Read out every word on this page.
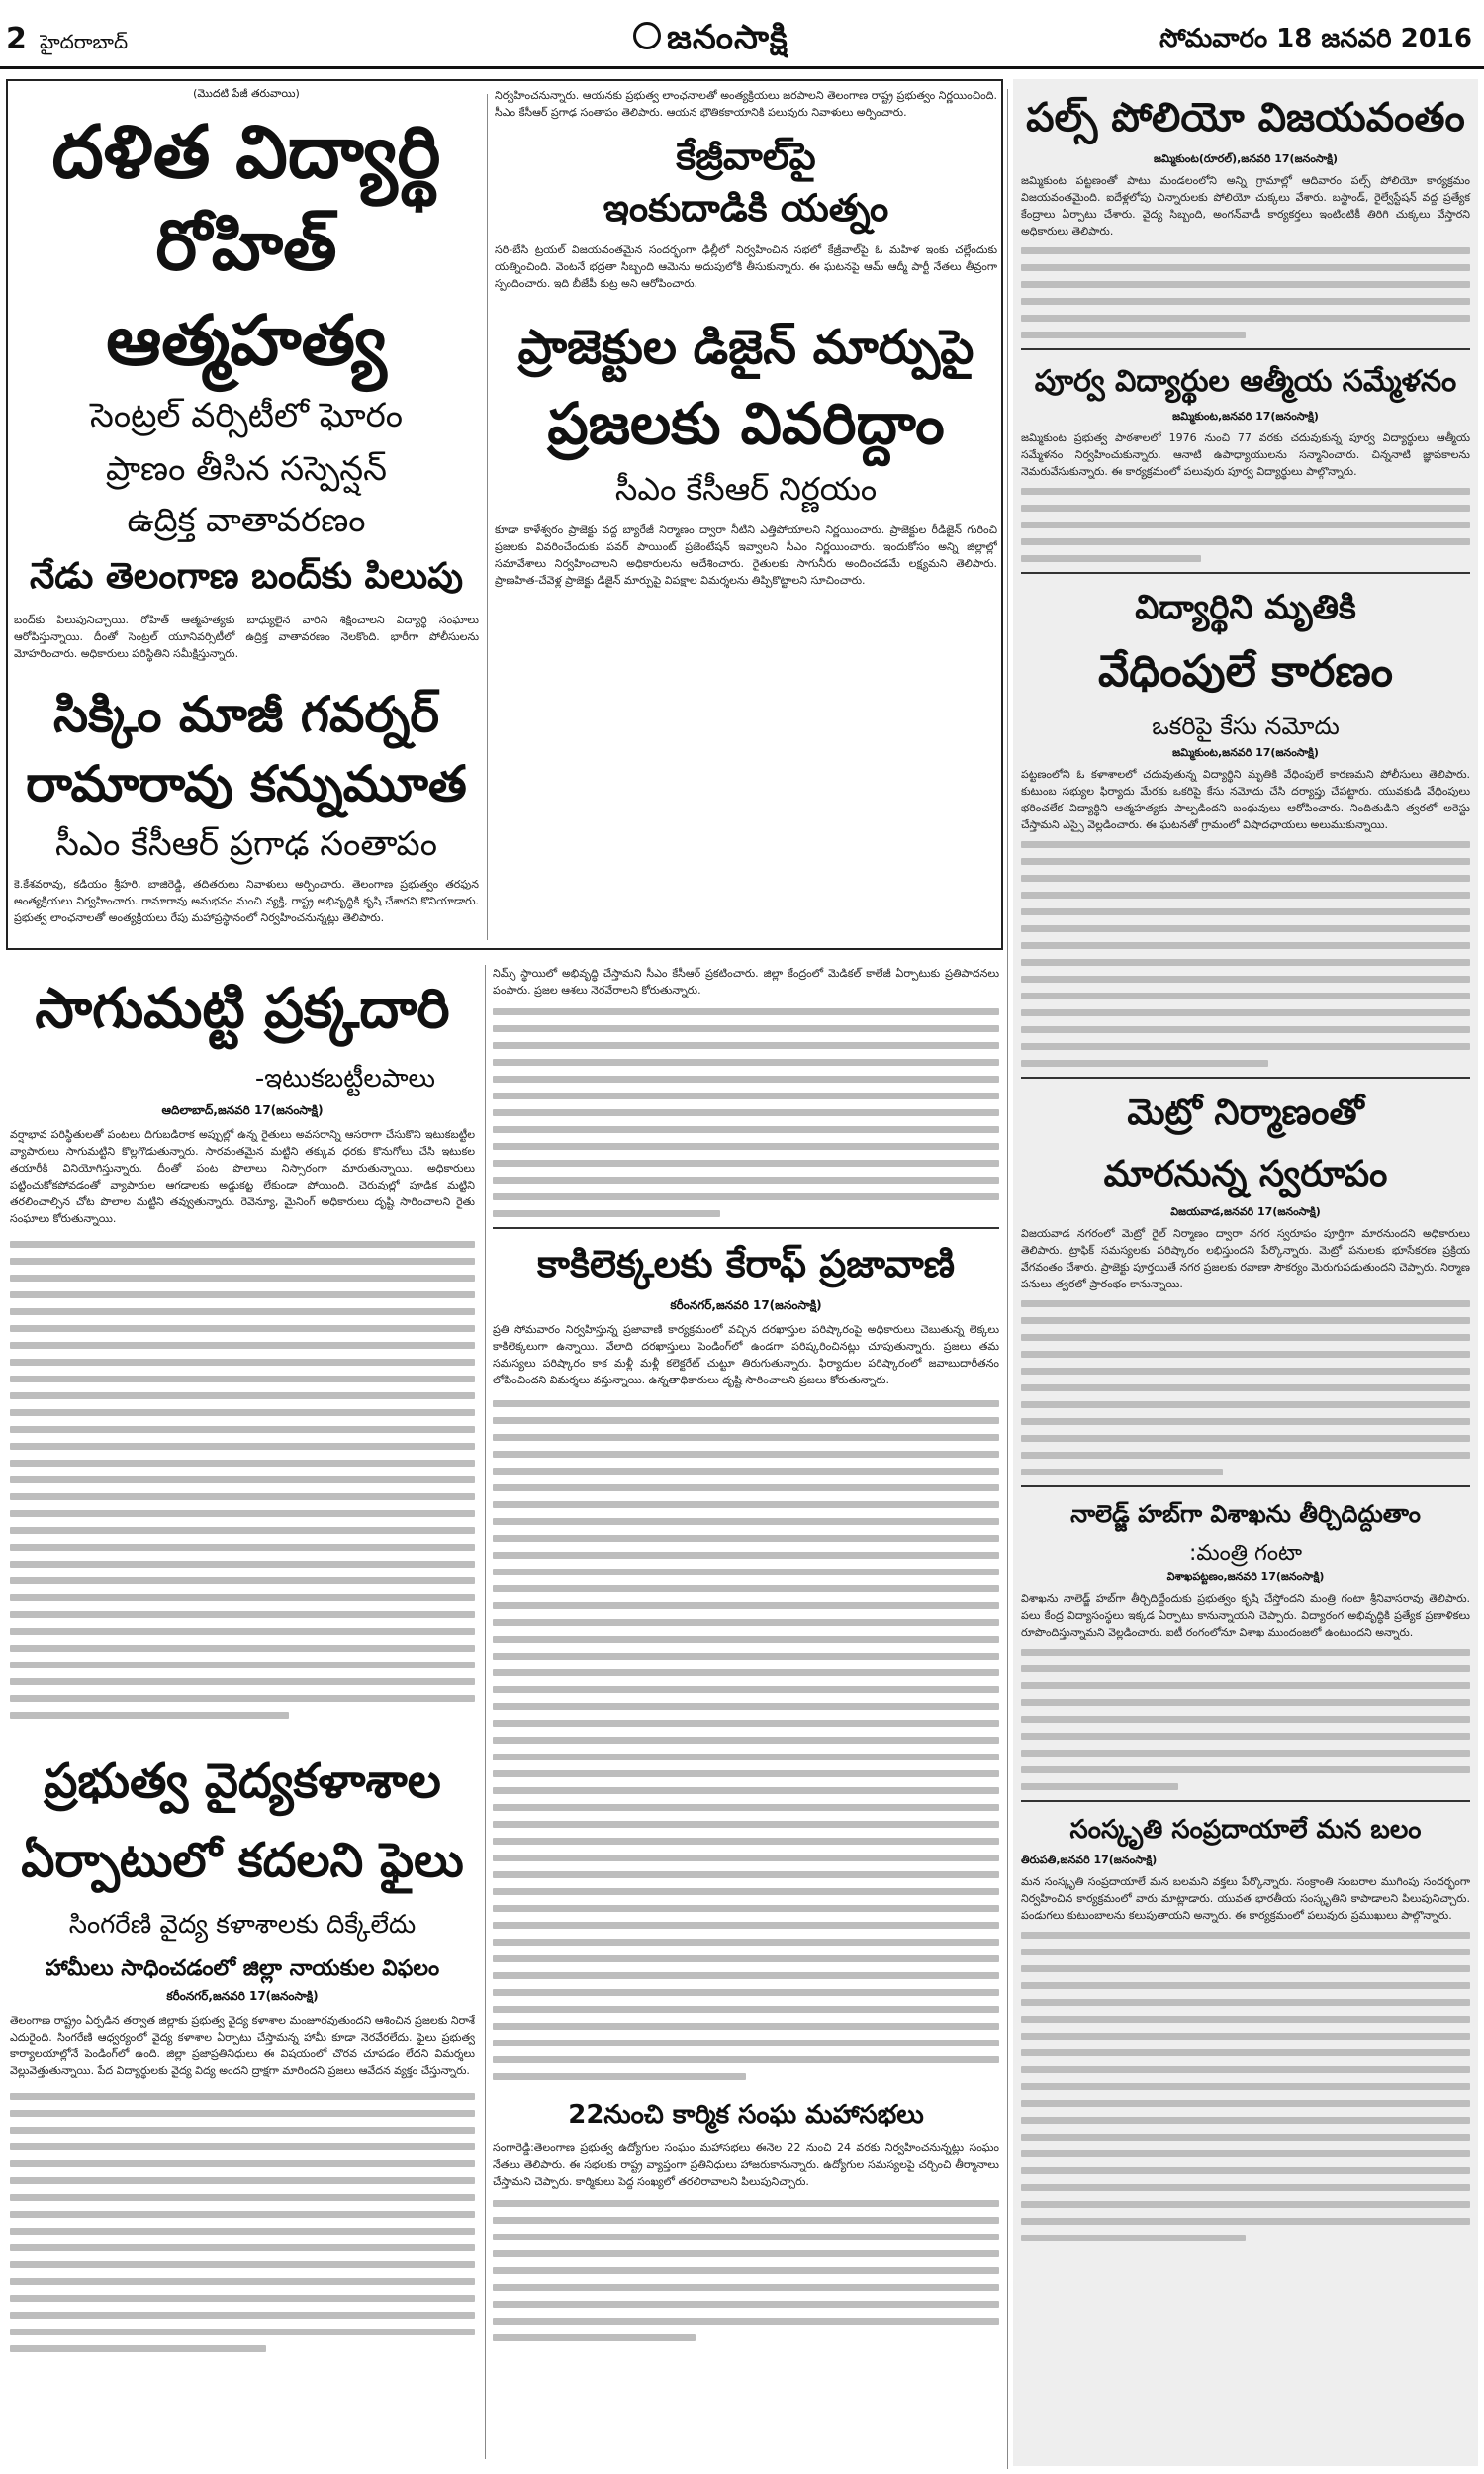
2 హైదరాబాద్	జనంసాక్షి	సోమవారం 18 జనవరి 2016
(మొదటి పేజీ తరువాయి)
దళిత విద్యార్థి
రోహిత్ ఆత్మహత్య
సెంట్రల్ వర్సిటీలో ఘోరం
ప్రాణం తీసిన సస్పెన్షన్
ఉద్రిక్త వాతావరణం
నేడు తెలంగాణ బంద్‌కు పిలుపు
బంద్‌కు పిలుపునిచ్చాయి. రోహిత్ ఆత్మహత్యకు బాధ్యులైన వారిని శిక్షించాలని విద్యార్థి సంఘాలు ఆరోపిస్తున్నాయి. దీంతో సెంట్రల్ యూనివర్సిటీలో ఉద్రిక్త వాతావరణం నెలకొంది. భారీగా పోలీసులను మోహరించారు. అధికారులు పరిస్థితిని సమీక్షిస్తున్నారు.
సిక్కిం మాజీ గవర్నర్
రామారావు కన్నుమూత
సీఎం కేసీఆర్ ప్రగాఢ సంతాపం
కె.కేశవరావు, కడియం శ్రీహరి, బాజిరెడ్డి, తదితరులు నివాళులు అర్పించారు. తెలంగాణ ప్రభుత్వం తరఫున అంత్యక్రియలు నిర్వహించారు. రామారావు అనుభవం మంచి వ్యక్తి, రాష్ట్ర అభివృద్ధికి కృషి చేశారని కొనియాడారు. ప్రభుత్వ లాంఛనాలతో అంత్యక్రియలు రేపు మహాప్రస్థానంలో నిర్వహించనున్నట్లు తెలిపారు.
నిర్వహించనున్నారు. ఆయనకు ప్రభుత్వ లాంఛనాలతో అంత్యక్రియలు జరపాలని తెలంగాణ రాష్ట్ర ప్రభుత్వం నిర్ణయించింది. సీఎం కేసీఆర్ ప్రగాఢ సంతాపం తెలిపారు. ఆయన భౌతికకాయానికి పలువురు నివాళులు అర్పించారు.
కేజ్రీవాల్‌పై
ఇంకుదాడికి యత్నం
సరి-బేసి ట్రయల్ విజయవంతమైన సందర్భంగా ఢిల్లీలో నిర్వహించిన సభలో కేజ్రీవాల్‌పై ఓ మహిళ ఇంకు చల్లేందుకు యత్నించింది. వెంటనే భద్రతా సిబ్బంది ఆమెను అదుపులోకి తీసుకున్నారు. ఈ ఘటనపై ఆమ్ ఆద్మీ పార్టీ నేతలు తీవ్రంగా స్పందించారు. ఇది బీజేపీ కుట్ర అని ఆరోపించారు.
ప్రాజెక్టుల డిజైన్ మార్పుపై
ప్రజలకు వివరిద్దాం
సీఎం కేసీఆర్ నిర్ణయం
కూడా కాళేశ్వరం ప్రాజెక్టు వద్ద బ్యారేజీ నిర్మాణం ద్వారా నీటిని ఎత్తిపోయాలని నిర్ణయించారు. ప్రాజెక్టుల రీడిజైన్ గురించి ప్రజలకు వివరించేందుకు పవర్ పాయింట్ ప్రజెంటేషన్ ఇవ్వాలని సీఎం నిర్ణయించారు. ఇందుకోసం అన్ని జిల్లాల్లో సమావేశాలు నిర్వహించాలని అధికారులను ఆదేశించారు. రైతులకు సాగునీరు అందించడమే లక్ష్యమని తెలిపారు. ప్రాణహిత-చేవెళ్ల ప్రాజెక్టు డిజైన్ మార్పుపై విపక్షాల విమర్శలను తిప్పికొట్టాలని సూచించారు.
సాగుమట్టి ప్రక్కదారి
-ఇటుకబట్టీలపాలు
ఆదిలాబాద్,జనవరి 17(జనంసాక్షి)
వర్షాభావ పరిస్థితులతో పంటలు దిగుబడిరాక అప్పుల్లో ఉన్న రైతులు అవసరాన్ని ఆసరాగా చేసుకొని ఇటుకబట్టీల వ్యాపారులు సాగుమట్టిని కొల్లగొడుతున్నారు. సారవంతమైన మట్టిని తక్కువ ధరకు కొనుగోలు చేసి ఇటుకల తయారీకి వినియోగిస్తున్నారు. దీంతో పంట పొలాలు నిస్సారంగా మారుతున్నాయి. అధికారులు పట్టించుకోకపోవడంతో వ్యాపారుల ఆగడాలకు అడ్డుకట్ట లేకుండా పోయింది. చెరువుల్లో పూడిక మట్టిని తరలించాల్సిన చోట పొలాల మట్టిని తవ్వుతున్నారు. రెవెన్యూ, మైనింగ్ అధికారులు దృష్టి సారించాలని రైతు సంఘాలు కోరుతున్నాయి.
ప్రభుత్వ వైద్యకళాశాల
ఏర్పాటులో కదలని ఫైలు
సింగరేణి వైద్య కళాశాలకు దిక్కేలేదు
హామీలు సాధించడంలో జిల్లా నాయకుల విఫలం
కరీంనగర్,జనవరి 17(జనంసాక్షి)
తెలంగాణ రాష్ట్రం ఏర్పడిన తర్వాత జిల్లాకు ప్రభుత్వ వైద్య కళాశాల మంజూరవుతుందని ఆశించిన ప్రజలకు నిరాశే ఎదురైంది. సింగరేణి ఆధ్వర్యంలో వైద్య కళాశాల ఏర్పాటు చేస్తామన్న హామీ కూడా నెరవేరలేదు. ఫైలు ప్రభుత్వ కార్యాలయాల్లోనే పెండింగ్‌లో ఉంది. జిల్లా ప్రజాప్రతినిధులు ఈ విషయంలో చొరవ చూపడం లేదని విమర్శలు వెల్లువెత్తుతున్నాయి. పేద విద్యార్థులకు వైద్య విద్య అందని ద్రాక్షగా మారిందని ప్రజలు ఆవేదన వ్యక్తం చేస్తున్నారు.
నిమ్స్ స్థాయిలో అభివృద్ధి చేస్తామని సీఎం కేసీఆర్ ప్రకటించారు. జిల్లా కేంద్రంలో మెడికల్ కాలేజీ ఏర్పాటుకు ప్రతిపాదనలు పంపారు. ప్రజల ఆశలు నెరవేరాలని కోరుతున్నారు.
కాకిలెక్కలకు కేరాఫ్ ప్రజావాణి
కరీంనగర్,జనవరి 17(జనంసాక్షి)
ప్రతి సోమవారం నిర్వహిస్తున్న ప్రజావాణి కార్యక్రమంలో వచ్చిన దరఖాస్తుల పరిష్కారంపై అధికారులు చెబుతున్న లెక్కలు కాకిలెక్కలుగా ఉన్నాయి. వేలాది దరఖాస్తులు పెండింగ్‌లో ఉండగా పరిష్కరించినట్లు చూపుతున్నారు. ప్రజలు తమ సమస్యలు పరిష్కారం కాక మళ్లీ మళ్లీ కలెక్టరేట్ చుట్టూ తిరుగుతున్నారు. ఫిర్యాదుల పరిష్కారంలో జవాబుదారీతనం లోపించిందని విమర్శలు వస్తున్నాయి. ఉన్నతాధికారులు దృష్టి సారించాలని ప్రజలు కోరుతున్నారు.
22నుంచి కార్మిక సంఘ మహాసభలు
సంగారెడ్డి:తెలంగాణ ప్రభుత్వ ఉద్యోగుల సంఘం మహాసభలు ఈనెల 22 నుంచి 24 వరకు నిర్వహించనున్నట్లు సంఘం నేతలు తెలిపారు. ఈ సభలకు రాష్ట్ర వ్యాప్తంగా ప్రతినిధులు హాజరుకానున్నారు. ఉద్యోగుల సమస్యలపై చర్చించి తీర్మానాలు చేస్తామని చెప్పారు. కార్మికులు పెద్ద సంఖ్యలో తరలిరావాలని పిలుపునిచ్చారు.
పల్స్ పోలియో విజయవంతం
జమ్మికుంట(రూరల్),జనవరి 17(జనంసాక్షి)
జమ్మికుంట పట్టణంతో పాటు మండలంలోని అన్ని గ్రామాల్లో ఆదివారం పల్స్ పోలియో కార్యక్రమం విజయవంతమైంది. ఐదేళ్లలోపు చిన్నారులకు పోలియో చుక్కలు వేశారు. బస్టాండ్, రైల్వేస్టేషన్ వద్ద ప్రత్యేక కేంద్రాలు ఏర్పాటు చేశారు. వైద్య సిబ్బంది, అంగన్‌వాడీ కార్యకర్తలు ఇంటింటికీ తిరిగి చుక్కలు వేస్తారని అధికారులు తెలిపారు.
పూర్వ విద్యార్థుల ఆత్మీయ సమ్మేళనం
జమ్మికుంట,జనవరి 17(జనంసాక్షి)
జమ్మికుంట ప్రభుత్వ పాఠశాలలో 1976 నుంచి 77 వరకు చదువుకున్న పూర్వ విద్యార్థులు ఆత్మీయ సమ్మేళనం నిర్వహించుకున్నారు. ఆనాటి ఉపాధ్యాయులను సన్మానించారు. చిన్ననాటి జ్ఞాపకాలను నెమరువేసుకున్నారు. ఈ కార్యక్రమంలో పలువురు పూర్వ విద్యార్థులు పాల్గొన్నారు.
విద్యార్థిని మృతికి
వేధింపులే కారణం
ఒకరిపై కేసు నమోదు
జమ్మికుంట,జనవరి 17(జనంసాక్షి)
పట్టణంలోని ఓ కళాశాలలో చదువుతున్న విద్యార్థిని మృతికి వేధింపులే కారణమని పోలీసులు తెలిపారు. కుటుంబ సభ్యుల ఫిర్యాదు మేరకు ఒకరిపై కేసు నమోదు చేసి దర్యాప్తు చేపట్టారు. యువకుడి వేధింపులు భరించలేక విద్యార్థిని ఆత్మహత్యకు పాల్పడిందని బంధువులు ఆరోపించారు. నిందితుడిని త్వరలో అరెస్టు చేస్తామని ఎస్సై వెల్లడించారు. ఈ ఘటనతో గ్రామంలో విషాదఛాయలు అలుముకున్నాయి.
మెట్రో నిర్మాణంతో
మారనున్న స్వరూపం
విజయవాడ,జనవరి 17(జనంసాక్షి)
విజయవాడ నగరంలో మెట్రో రైల్ నిర్మాణం ద్వారా నగర స్వరూపం పూర్తిగా మారనుందని అధికారులు తెలిపారు. ట్రాఫిక్ సమస్యలకు పరిష్కారం లభిస్తుందని పేర్కొన్నారు. మెట్రో పనులకు భూసేకరణ ప్రక్రియ వేగవంతం చేశారు. ప్రాజెక్టు పూర్తయితే నగర ప్రజలకు రవాణా సౌకర్యం మెరుగుపడుతుందని చెప్పారు. నిర్మాణ పనులు త్వరలో ప్రారంభం కానున్నాయి.
నాలెడ్జ్ హబ్‌గా విశాఖను తీర్చిదిద్దుతాం
:మంత్రి గంటా
విశాఖపట్టణం,జనవరి 17(జనంసాక్షి)
విశాఖను నాలెడ్జ్ హబ్‌గా తీర్చిదిద్దేందుకు ప్రభుత్వం కృషి చేస్తోందని మంత్రి గంటా శ్రీనివాసరావు తెలిపారు. పలు కేంద్ర విద్యాసంస్థలు ఇక్కడ ఏర్పాటు కానున్నాయని చెప్పారు. విద్యారంగ అభివృద్ధికి ప్రత్యేక ప్రణాళికలు రూపొందిస్తున్నామని వెల్లడించారు. ఐటీ రంగంలోనూ విశాఖ ముందంజలో ఉంటుందని అన్నారు.
సంస్కృతి సంప్రదాయాలే మన బలం
తిరుపతి,జనవరి 17(జనంసాక్షి)
మన సంస్కృతి సంప్రదాయాలే మన బలమని వక్తలు పేర్కొన్నారు. సంక్రాంతి సంబరాల ముగింపు సందర్భంగా నిర్వహించిన కార్యక్రమంలో వారు మాట్లాడారు. యువత భారతీయ సంస్కృతిని కాపాడాలని పిలుపునిచ్చారు. పండుగలు కుటుంబాలను కలుపుతాయని అన్నారు. ఈ కార్యక్రమంలో పలువురు ప్రముఖులు పాల్గొన్నారు.
